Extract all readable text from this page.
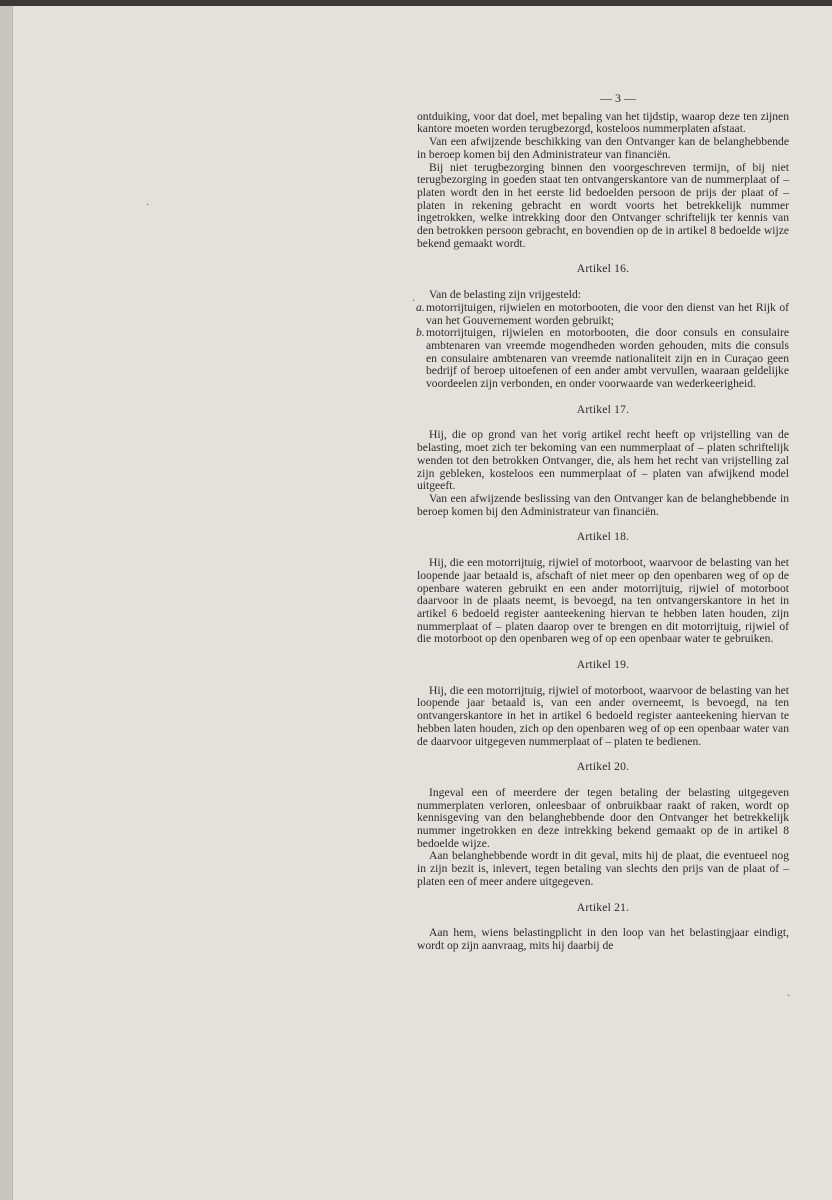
·
·
·
— 3 —

ontduiking, voor dat doel, met bepaling van het tijdstip, waarop deze ten zijnen kantore moeten worden terugbezorgd, kosteloos nummerplaten afstaat.

Van een afwijzende beschikking van den Ontvanger kan de belanghebbende in beroep komen bij den Administrateur van financiën.

Bij niet terugbezorging binnen den voorgeschreven termijn, of bij niet terugbezorging in goeden staat ten ontvangerskantore van de nummerplaat of – platen wordt den in het eerste lid bedoelden persoon de prijs der plaat of – platen in rekening gebracht en wordt voorts het betrekkelijk nummer ingetrokken, welke intrekking door den Ontvanger schriftelijk ter kennis van den betrokken persoon gebracht, en bovendien op de in artikel 8 bedoelde wijze bekend gemaakt wordt.

Artikel 16.

Van de belasting zijn vrijgesteld:

a. motorrijtuigen, rijwielen en motorbooten, die voor den dienst van het Rijk of van het Gouvernement worden gebruikt;

b. motorrijtuigen, rijwielen en motorbooten, die door consuls en consulaire ambtenaren van vreemde mogendheden worden gehouden, mits die consuls en consulaire ambtenaren van vreemde nationaliteit zijn en in Curaçao geen bedrijf of beroep uitoefenen of een ander ambt vervullen, waaraan geldelijke voordeelen zijn verbonden, en onder voorwaarde van wederkeerigheid.

Artikel 17.

Hij, die op grond van het vorig artikel recht heeft op vrijstelling van de belasting, moet zich ter bekoming van een nummerplaat of – platen schriftelijk wenden tot den betrokken Ontvanger, die, als hem het recht van vrijstelling zal zijn gebleken, kosteloos een nummerplaat of – platen van afwijkend model uitgeeft.

Van een afwijzende beslissing van den Ontvanger kan de belanghebbende in beroep komen bij den Administrateur van financiën.

Artikel 18.

Hij, die een motorrijtuig, rijwiel of motorboot, waarvoor de belasting van het loopende jaar betaald is, afschaft of niet meer op den openbaren weg of op de openbare wateren gebruikt en een ander motorrijtuig, rijwiel of motorboot daarvoor in de plaats neemt, is bevoegd, na ten ontvangerskantore in het in artikel 6 bedoeld register aanteekening hiervan te hebben laten houden, zijn nummerplaat of – platen daarop over te brengen en dit motorrijtuig, rijwiel of die motorboot op den openbaren weg of op een openbaar water te gebruiken.

Artikel 19.

Hij, die een motorrijtuig, rijwiel of motorboot, waarvoor de belasting van het loopende jaar betaald is, van een ander overneemt, is bevoegd, na ten ontvangerskantore in het in artikel 6 bedoeld register aanteekening hiervan te hebben laten houden, zich op den openbaren weg of op een openbaar water van de daarvoor uitgegeven nummerplaat of – platen te bedienen.

Artikel 20.

Ingeval een of meerdere der tegen betaling der belasting uitgegeven nummerplaten verloren, onleesbaar of onbruikbaar raakt of raken, wordt op kennisgeving van den belanghebbende door den Ontvanger het betrekkelijk nummer ingetrokken en deze intrekking bekend gemaakt op de in artikel 8 bedoelde wijze.

Aan belanghebbende wordt in dit geval, mits hij de plaat, die eventueel nog in zijn bezit is, inlevert, tegen betaling van slechts den prijs van de plaat of – platen een of meer andere uitgegeven.

Artikel 21.

Aan hem, wiens belastingplicht in den loop van het belastingjaar eindigt, wordt op zijn aanvraag, mits hij daarbij de
